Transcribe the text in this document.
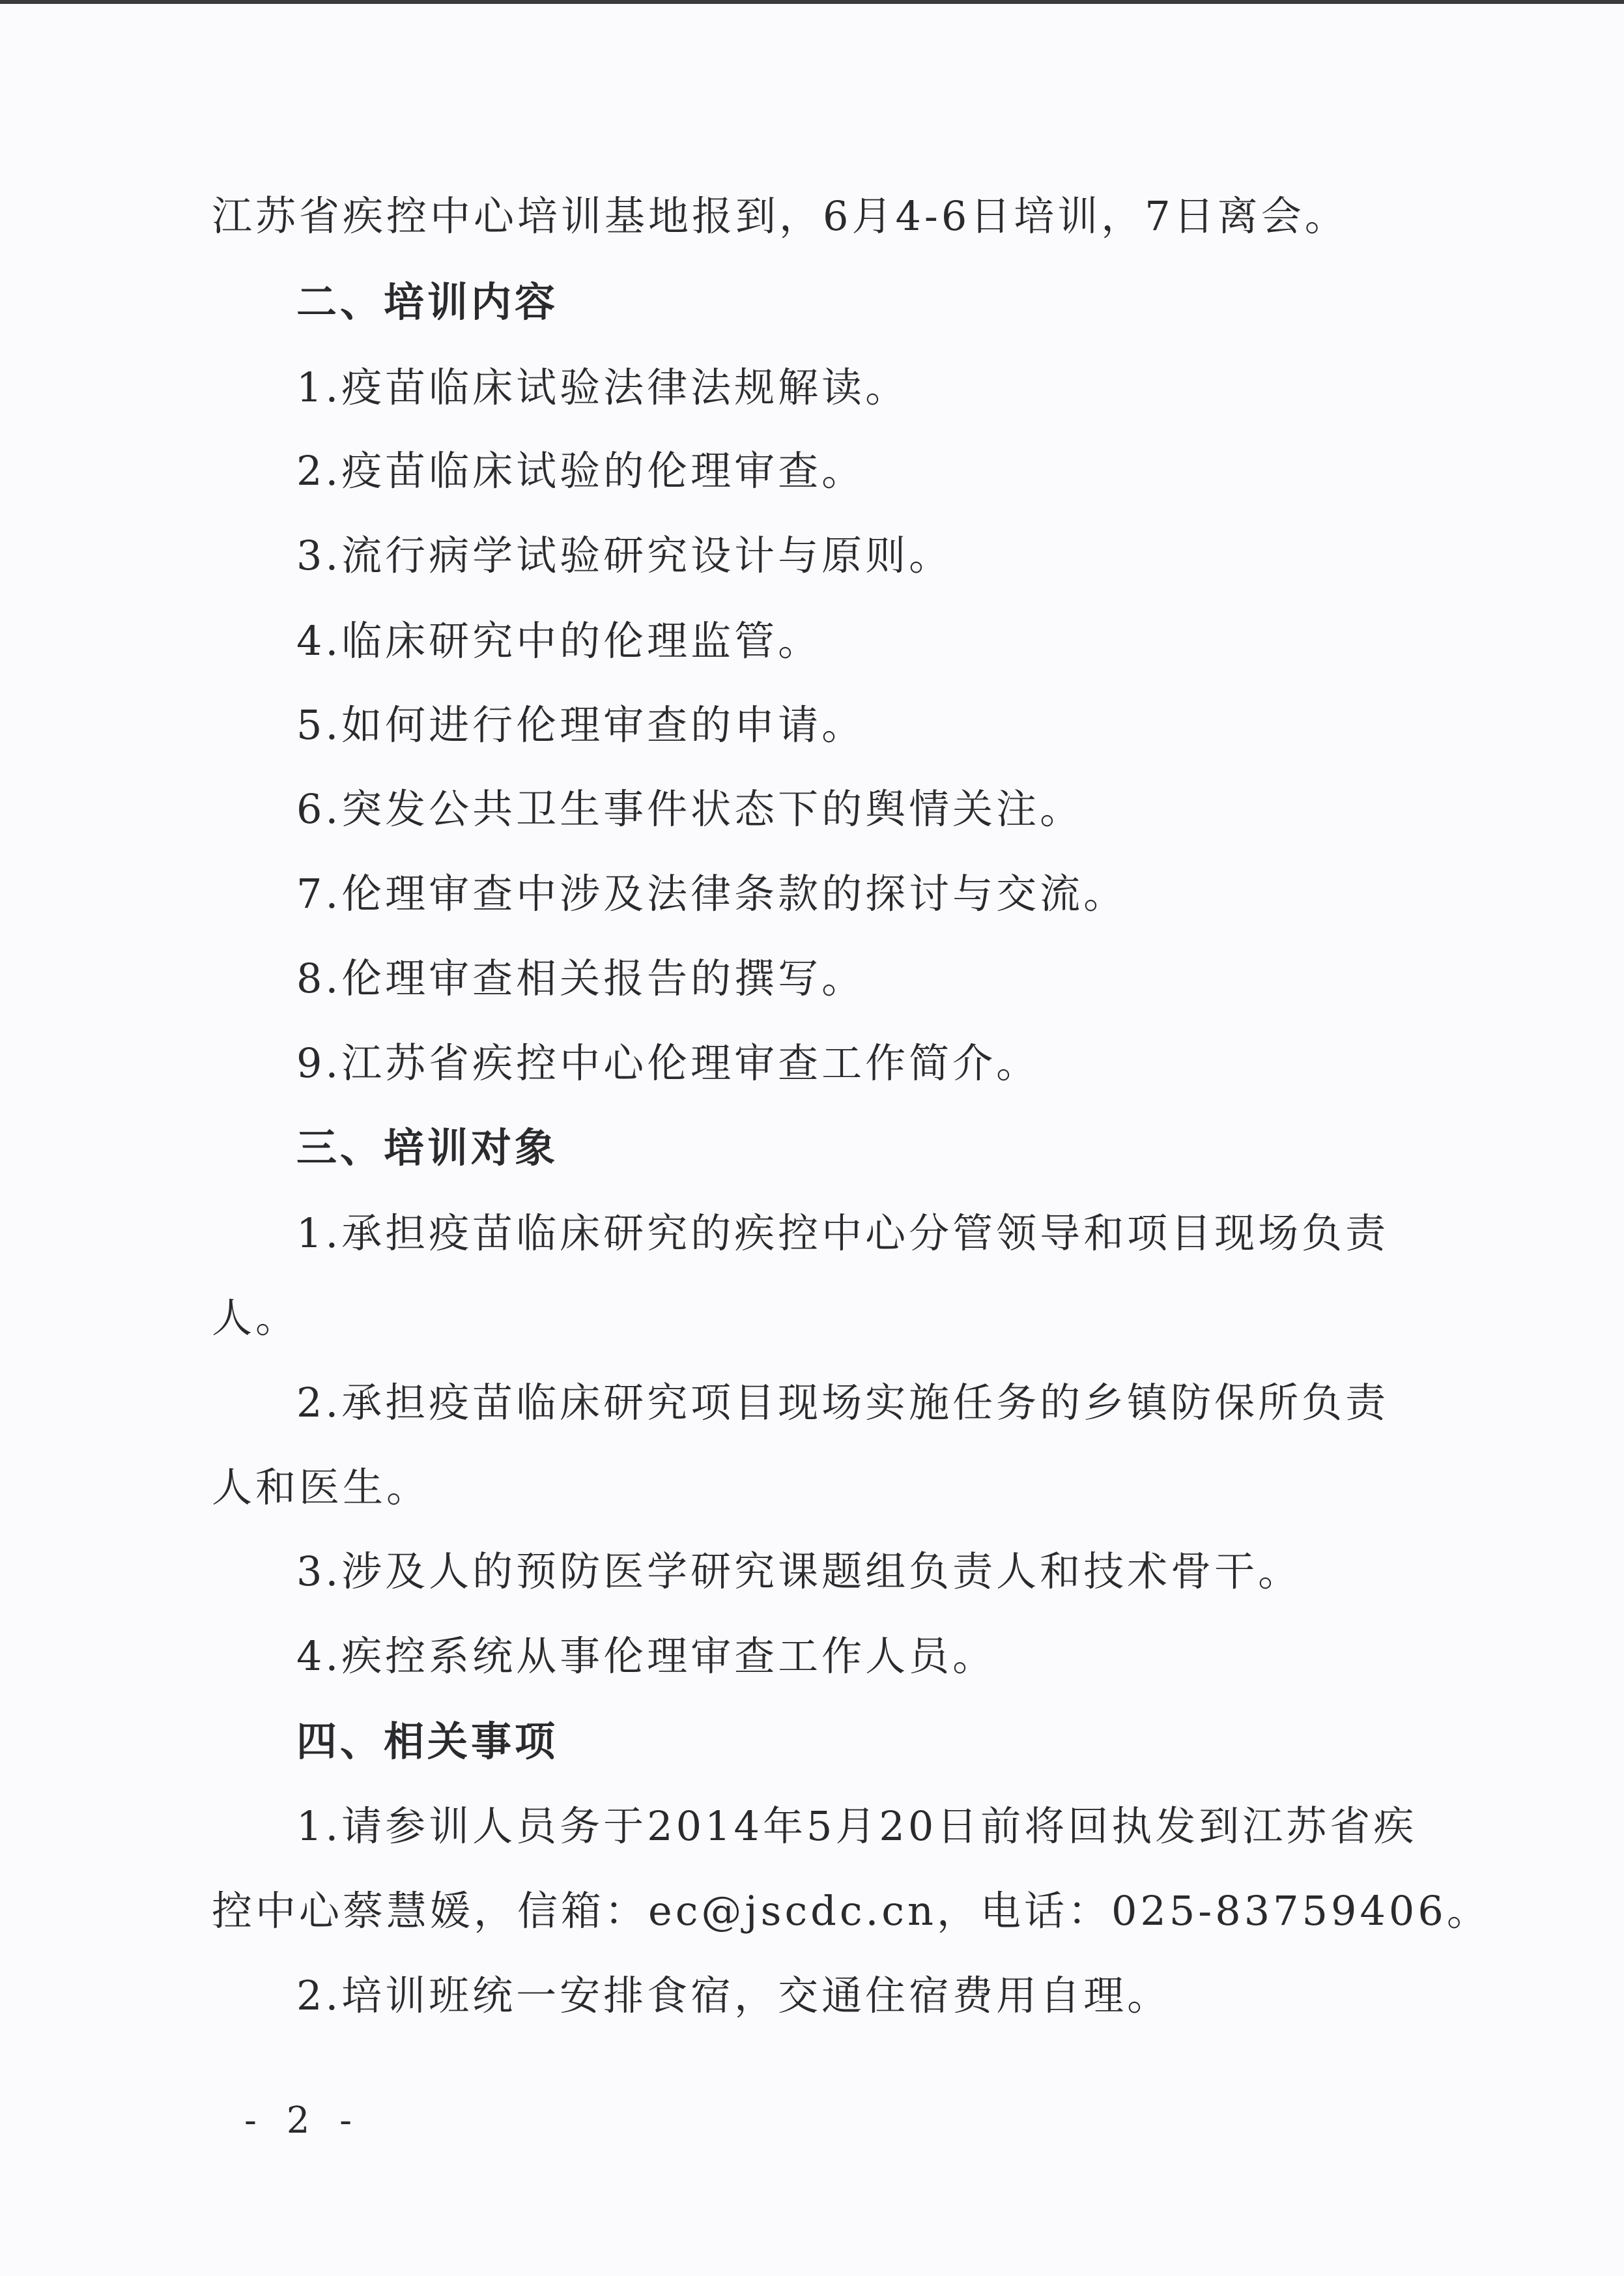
江苏省疾控中心培训基地报到，6月4-6日培训，7日离会。
二、培训内容
1.疫苗临床试验法律法规解读。
2.疫苗临床试验的伦理审查。
3.流行病学试验研究设计与原则。
4.临床研究中的伦理监管。
5.如何进行伦理审查的申请。
6.突发公共卫生事件状态下的舆情关注。
7.伦理审查中涉及法律条款的探讨与交流。
8.伦理审查相关报告的撰写。
9.江苏省疾控中心伦理审查工作简介。
三、培训对象
1.承担疫苗临床研究的疾控中心分管领导和项目现场负责
人。
2.承担疫苗临床研究项目现场实施任务的乡镇防保所负责
人和医生。
3.涉及人的预防医学研究课题组负责人和技术骨干。
4.疾控系统从事伦理审查工作人员。
四、相关事项
1.请参训人员务于2014年5月20日前将回执发到江苏省疾
控中心蔡慧媛，信箱：ec@jscdc.cn，电话：025-83759406。
2.培训班统一安排食宿，交通住宿费用自理。
- 2 -
